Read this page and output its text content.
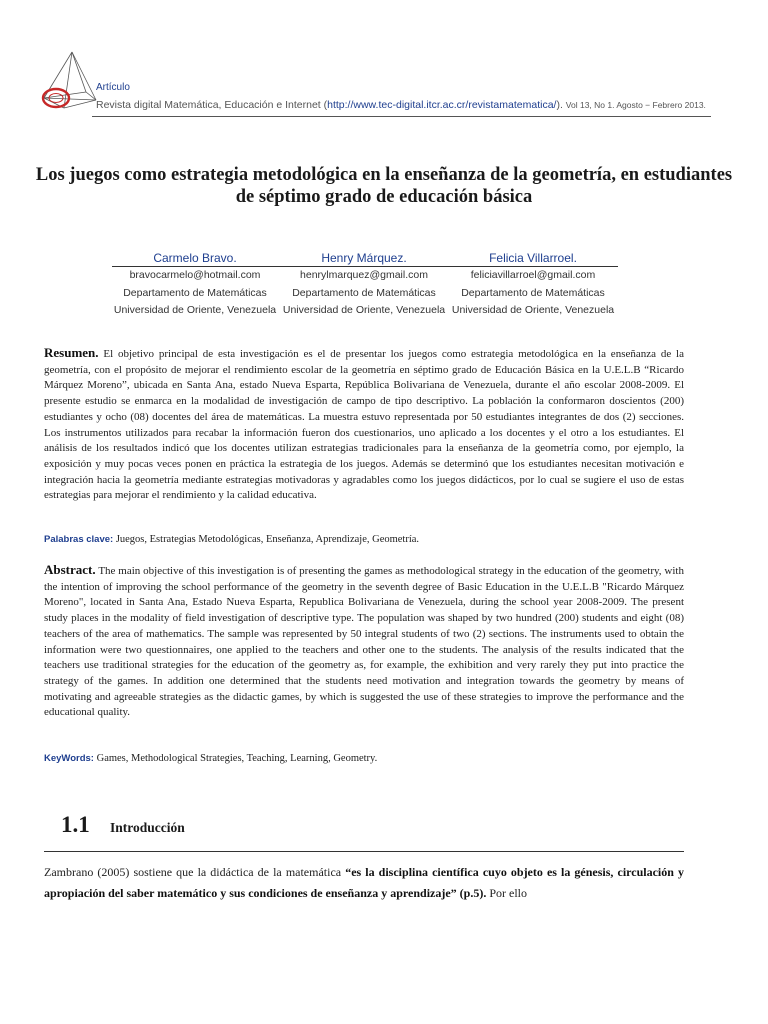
Artículo
Revista digital Matemática, Educación e Internet (http://www.tec-digital.itcr.ac.cr/revistamatematica/). Vol 13, No 1. Agosto − Febrero 2013.
Los juegos como estrategia metodológica en la enseñanza de la geometría, en estudiantes de séptimo grado de educación básica
Carmelo Bravo.
bravocarmelo@hotmail.com
Departamento de Matemáticas
Universidad de Oriente, Venezuela
Henry Márquez.
henrylmarquez@gmail.com
Departamento de Matemáticas
Universidad de Oriente, Venezuela
Felicia Villarroel.
feliciavillarroel@gmail.com
Departamento de Matemáticas
Universidad de Oriente, Venezuela

Resumen. El objetivo principal de esta investigación es el de presentar los juegos como estrategia metodológica en la enseñanza de la geometría, con el propósito de mejorar el rendimiento escolar de la geometría en séptimo grado de Educación Básica en la U.E.L.B “Ricardo Márquez Moreno”, ubicada en Santa Ana, estado Nueva Esparta, República Bolivariana de Venezuela, durante el año escolar 2008-2009. El presente estudio se enmarca en la modalidad de investigación de campo de tipo descriptivo. La población la conformaron doscientos (200) estudiantes y ocho (08) docentes del área de matemáticas. La muestra estuvo representada por 50 estudiantes integrantes de dos (2) secciones. Los instrumentos utilizados para recabar la información fueron dos cuestionarios, uno aplicado a los docentes y el otro a los estudiantes. El análisis de los resultados indicó que los docentes utilizan estrategias tradicionales para la enseñanza de la geometría como, por ejemplo, la exposición y muy pocas veces ponen en práctica la estrategia de los juegos. Además se determinó que los estudiantes necesitan motivación e integración hacia la geometría mediante estrategias motivadoras y agradables como los juegos didácticos, por lo cual se sugiere el uso de estas estrategias para mejorar el rendimiento y la calidad educativa.

Palabras clave: Juegos, Estrategias Metodológicas, Enseñanza, Aprendizaje, Geometría.

Abstract. The main objective of this investigation is of presenting the games as methodological strategy in the education of the geometry, with the intention of improving the school performance of the geometry in the seventh degree of Basic Education in the U.E.L.B "Ricardo Márquez Moreno", located in Santa Ana, Estado Nueva Esparta, Republica Bolivariana de Venezuela, during the school year 2008-2009. The present study places in the modality of field investigation of descriptive type. The population was shaped by two hundred (200) students and eight (08) teachers of the area of mathematics. The sample was represented by 50 integral students of two (2) sections. The instruments used to obtain the information were two questionnaires, one applied to the teachers and other one to the students. The analysis of the results indicated that the teachers use traditional strategies for the education of the geometry as, for example, the exhibition and very rarely they put into practice the strategy of the games. In addition one determined that the students need motivation and integration towards the geometry by means of motivating and agreeable strategies as the didactic games, by which is suggested the use of these strategies to improve the performance and the educational quality.

KeyWords: Games, Methodological Strategies, Teaching, Learning, Geometry.
1.1 Introducción

Zambrano (2005) sostiene que la didáctica de la matemática “es la disciplina científica cuyo objeto es la génesis, circulación y apropiación del saber matemático y sus condiciones de enseñanza y aprendizaje” (p.5). Por ello
